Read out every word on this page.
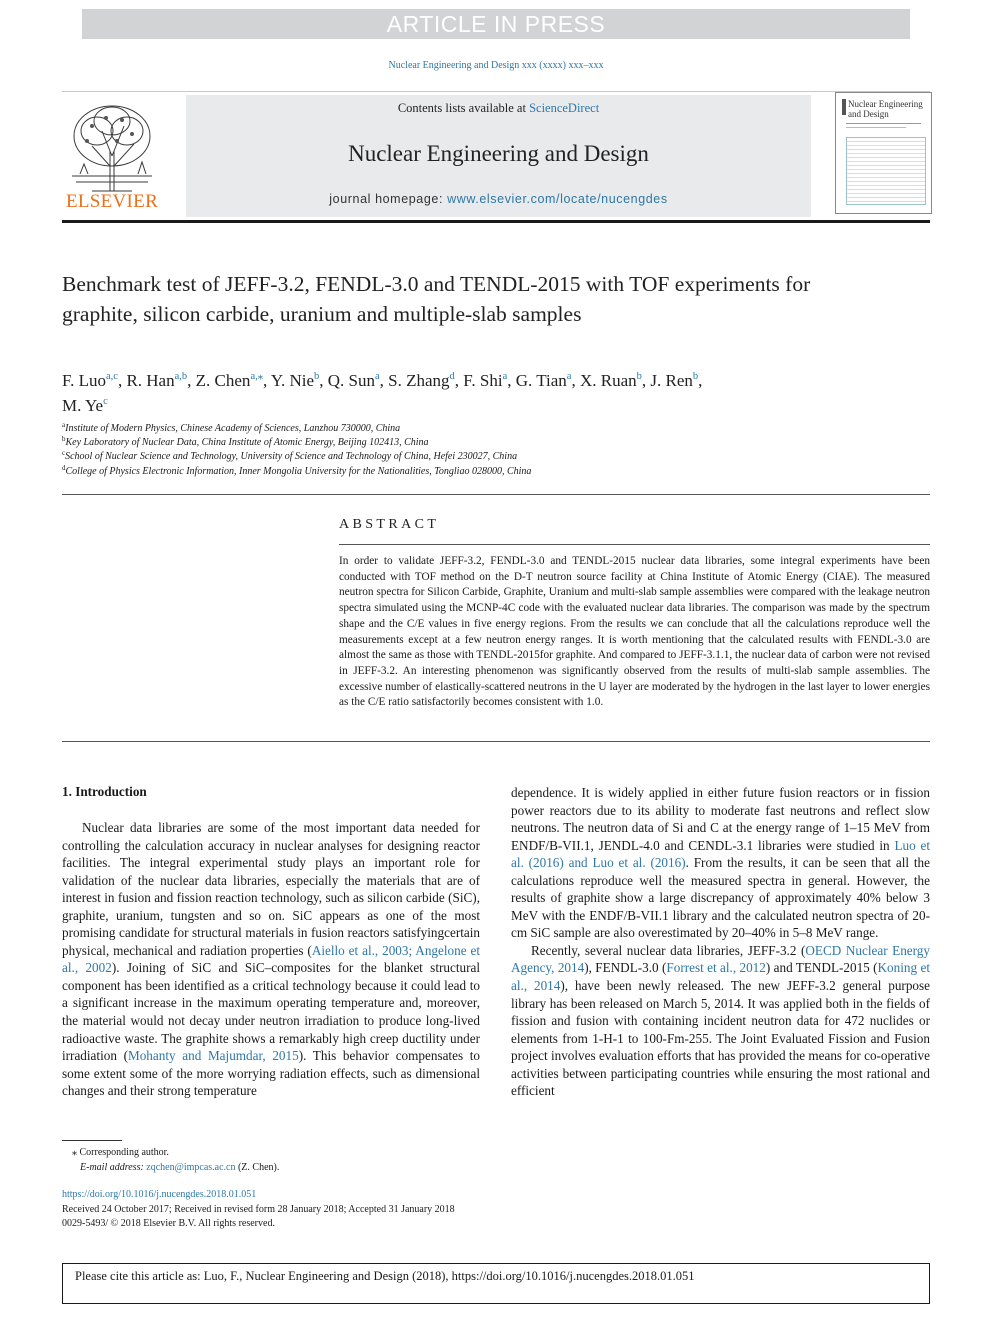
ARTICLE IN PRESS
Nuclear Engineering and Design xxx (xxxx) xxx–xxx
ELSEVIER
Contents lists available at ScienceDirect
Nuclear Engineering and Design
journal homepage: www.elsevier.com/locate/nucengdes
Nuclear Engineering
and Design
Benchmark test of JEFF-3.2, FENDL-3.0 and TENDL-2015 with TOF experiments for graphite, silicon carbide, uranium and multiple-slab samples
F. Luo$^{a,c}$, R. Han$^{a,b}$, Z. Chen$^{a,⁎}$, Y. Nie$^b$, Q. Sun$^a$, S. Zhang$^d$, F. Shi$^a$, G. Tian$^a$, X. Ruan$^b$, J. Ren$^b$,
M. Ye$^c$
$^a$Institute of Modern Physics, Chinese Academy of Sciences, Lanzhou 730000, China
$^b$Key Laboratory of Nuclear Data, China Institute of Atomic Energy, Beijing 102413, China
$^c$School of Nuclear Science and Technology, University of Science and Technology of China, Hefei 230027, China
$^d$College of Physics Electronic Information, Inner Mongolia University for the Nationalities, Tongliao 028000, China
ABSTRACT
In order to validate JEFF-3.2, FENDL-3.0 and TENDL-2015 nuclear data libraries, some integral experiments have been conducted with TOF method on the D-T neutron source facility at China Institute of Atomic Energy (CIAE). The measured neutron spectra for Silicon Carbide, Graphite, Uranium and multi-slab sample assemblies were compared with the leakage neutron spectra simulated using the MCNP-4C code with the evaluated nuclear data libraries. The comparison was made by the spectrum shape and the C/E values in five energy regions. From the results we can conclude that all the calculations reproduce well the measurements except at a few neutron energy ranges. It is worth mentioning that the calculated results with FENDL-3.0 are almost the same as those with TENDL-2015for graphite. And compared to JEFF-3.1.1, the nuclear data of carbon were not revised in JEFF-3.2. An interesting phenomenon was significantly observed from the results of multi-slab sample assemblies. The excessive number of elastically-scattered neutrons in the U layer are moderated by the hydrogen in the last layer to lower energies as the C/E ratio satisfactorily becomes consistent with 1.0.
1. Introduction

Nuclear data libraries are some of the most important data needed for controlling the calculation accuracy in nuclear analyses for designing reactor facilities. The integral experimental study plays an important role for validation of the nuclear data libraries, especially the materials that are of interest in fusion and fission reaction technology, such as silicon carbide (SiC), graphite, uranium, tungsten and so on. SiC appears as one of the most promising candidate for structural materials in fusion reactors satisfyingcertain physical, mechanical and radiation properties (Aiello et al., 2003; Angelone et al., 2002). Joining of SiC and SiC–composites for the blanket structural component has been identified as a critical technology because it could lead to a significant increase in the maximum operating temperature and, moreover, the material would not decay under neutron irradiation to produce long-lived radioactive waste. The graphite shows a remarkably high creep ductility under irradiation (Mohanty and Majumdar, 2015). This behavior compensates to some extent some of the more worrying radiation effects, such as dimensional changes and their strong temperature

dependence. It is widely applied in either future fusion reactors or in fission power reactors due to its ability to moderate fast neutrons and reflect slow neutrons. The neutron data of Si and C at the energy range of 1–15 MeV from ENDF/B-VII.1, JENDL-4.0 and CENDL-3.1 libraries were studied in Luo et al. (2016) and Luo et al. (2016). From the results, it can be seen that all the calculations reproduce well the measured spectra in general. However, the results of graphite show a large discrepancy of approximately 40% below 3 MeV with the ENDF/B-VII.1 library and the calculated neutron spectra of 20-cm SiC sample are also overestimated by 20–40% in 5–8 MeV range.

Recently, several nuclear data libraries, JEFF-3.2 (OECD Nuclear Energy Agency, 2014), FENDL-3.0 (Forrest et al., 2012) and TENDL-2015 (Koning et al., 2014), have been newly released. The new JEFF-3.2 general purpose library has been released on March 5, 2014. It was applied both in the fields of fission and fusion with containing incident neutron data for 472 nuclides or elements from 1-H-1 to 100-Fm-255. The Joint Evaluated Fission and Fusion project involves evaluation efforts that has provided the means for co-operative activities between participating countries while ensuring the most rational and efficient

⁎ Corresponding author.
E-mail address: zqchen@impcas.ac.cn (Z. Chen).
https://doi.org/10.1016/j.nucengdes.2018.01.051
Received 24 October 2017; Received in revised form 28 January 2018; Accepted 31 January 2018
0029-5493/ © 2018 Elsevier B.V. All rights reserved.
Please cite this article as: Luo, F., Nuclear Engineering and Design (2018), https://doi.org/10.1016/j.nucengdes.2018.01.051
